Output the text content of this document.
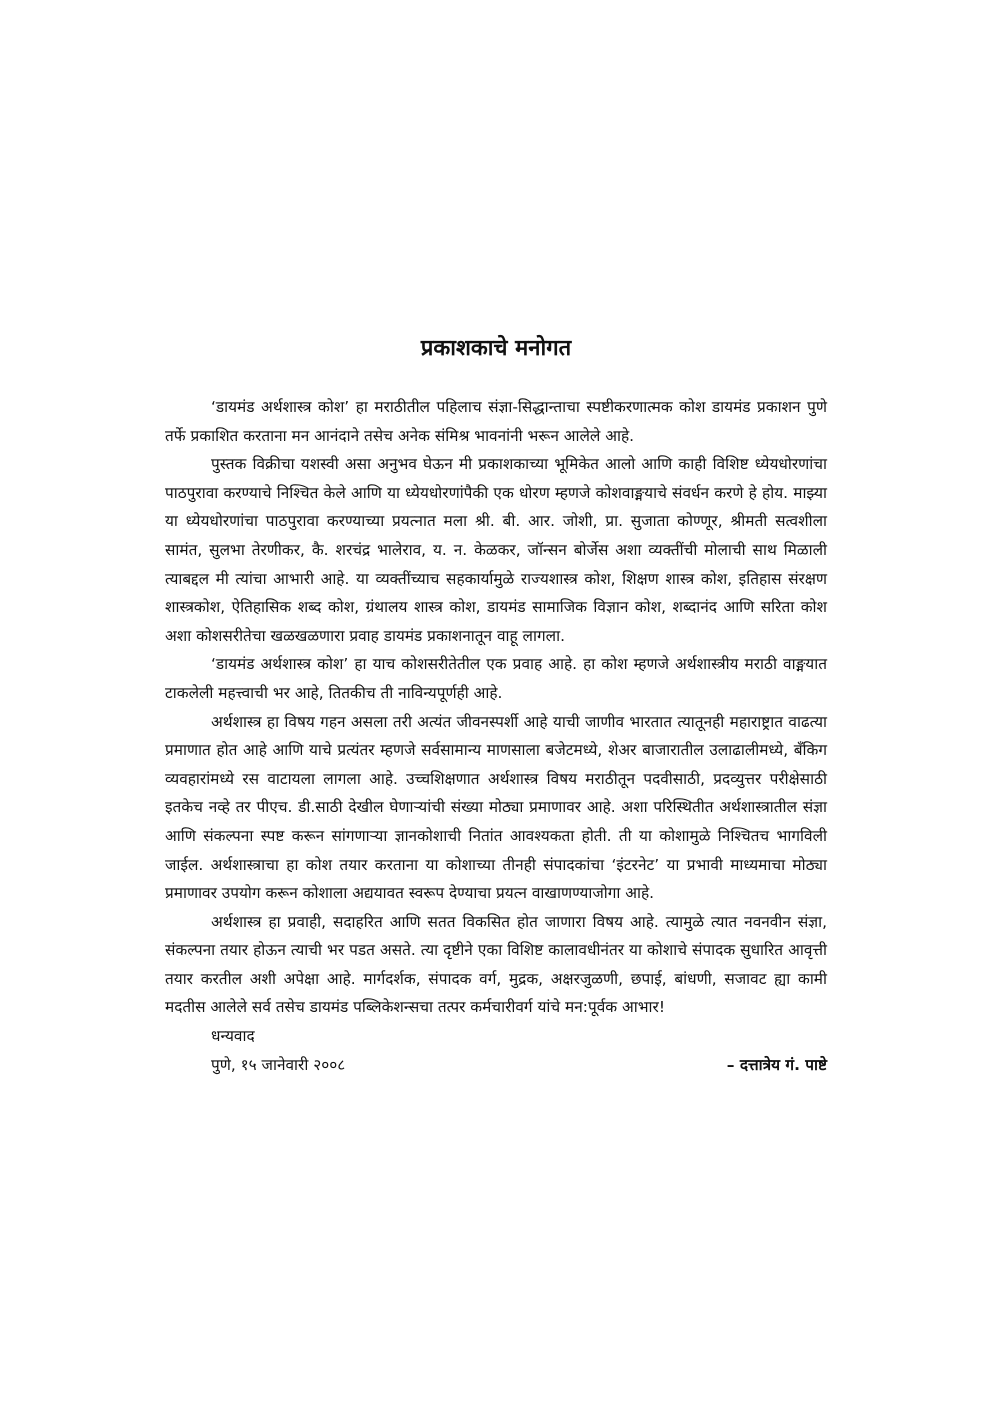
प्रकाशकाचे मनोगत

‘डायमंड अर्थशास्त्र कोश’ हा मराठीतील पहिलाच संज्ञा-सिद्धान्ताचा स्पष्टीकरणात्मक कोश डायमंड प्रकाशन पुणे तर्फे प्रकाशित करताना मन आनंदाने तसेच अनेक संमिश्र भावनांनी भरून आलेले आहे.

पुस्तक विक्रीचा यशस्वी असा अनुभव घेऊन मी प्रकाशकाच्या भूमिकेत आलो आणि काही विशिष्ट ध्येयधोरणांचा पाठपुरावा करण्याचे निश्चित केले आणि या ध्येयधोरणांपैकी एक धोरण म्हणजे कोशवाङ्मयाचे संवर्धन करणे हे होय. माझ्या या ध्येयधोरणांचा पाठपुरावा करण्याच्या प्रयत्नात मला श्री. बी. आर. जोशी, प्रा. सुजाता कोण्णूर, श्रीमती सत्वशीला सामंत, सुलभा तेरणीकर, कै. शरचंद्र भालेराव, य. न. केळकर, जॉन्सन बोर्जेस अशा व्यक्तींची मोलाची साथ मिळाली त्याबद्दल मी त्यांचा आभारी आहे. या व्यक्तींच्याच सहकार्यामुळे राज्यशास्त्र कोश, शिक्षण शास्त्र कोश, इतिहास संरक्षण शास्त्रकोश, ऐतिहासिक शब्द कोश, ग्रंथालय शास्त्र कोश, डायमंड सामाजिक विज्ञान कोश, शब्दानंद आणि सरिता कोश अशा कोशसरीतेचा खळखळणारा प्रवाह डायमंड प्रकाशनातून वाहू लागला.

‘डायमंड अर्थशास्त्र कोश’ हा याच कोशसरीतेतील एक प्रवाह आहे. हा कोश म्हणजे अर्थशास्त्रीय मराठी वाङ्मयात टाकलेली महत्त्वाची भर आहे, तितकीच ती नाविन्यपूर्णही आहे.

अर्थशास्त्र हा विषय गहन असला तरी अत्यंत जीवनस्पर्शी आहे याची जाणीव भारतात त्यातूनही महाराष्ट्रात वाढत्या प्रमाणात होत आहे आणि याचे प्रत्यंतर म्हणजे सर्वसामान्य माणसाला बजेटमध्ये, शेअर बाजारातील उलाढालीमध्ये, बँकिग व्यवहारांमध्ये रस वाटायला लागला आहे. उच्चशिक्षणात अर्थशास्त्र विषय मराठीतून पदवीसाठी, प्रदव्युत्तर परीक्षेसाठी इतकेच नव्हे तर पीएच. डी.साठी देखील घेणाऱ्यांची संख्या मोठ्या प्रमाणावर आहे. अशा परिस्थितीत अर्थशास्त्रातील संज्ञा आणि संकल्पना स्पष्ट करून सांगणाऱ्या ज्ञानकोशाची नितांत आवश्यकता होती. ती या कोशामुळे निश्चितच भागविली जाईल. अर्थशास्त्राचा हा कोश तयार करताना या कोशाच्या तीनही संपादकांचा ‘इंटरनेट’ या प्रभावी माध्यमाचा मोठ्या प्रमाणावर उपयोग करून कोशाला अद्ययावत स्वरूप देण्याचा प्रयत्न वाखाणण्याजोगा आहे.

अर्थशास्त्र हा प्रवाही, सदाहरित आणि सतत विकसित होत जाणारा विषय आहे. त्यामुळे त्यात नवनवीन संज्ञा, संकल्पना तयार होऊन त्याची भर पडत असते. त्या दृष्टीने एका विशिष्ट कालावधीनंतर या कोशाचे संपादक सुधारित आवृत्ती तयार करतील अशी अपेक्षा आहे. मार्गदर्शक, संपादक वर्ग, मुद्रक, अक्षरजुळणी, छपाई, बांधणी, सजावट ह्या कामी मदतीस आलेले सर्व तसेच डायमंड पब्लिकेशन्सचा तत्पर कर्मचारीवर्ग यांचे मन:पूर्वक आभार!

धन्यवाद

पुणे, १५ जानेवारी २००८	– दत्तात्रेय गं. पाष्टे
